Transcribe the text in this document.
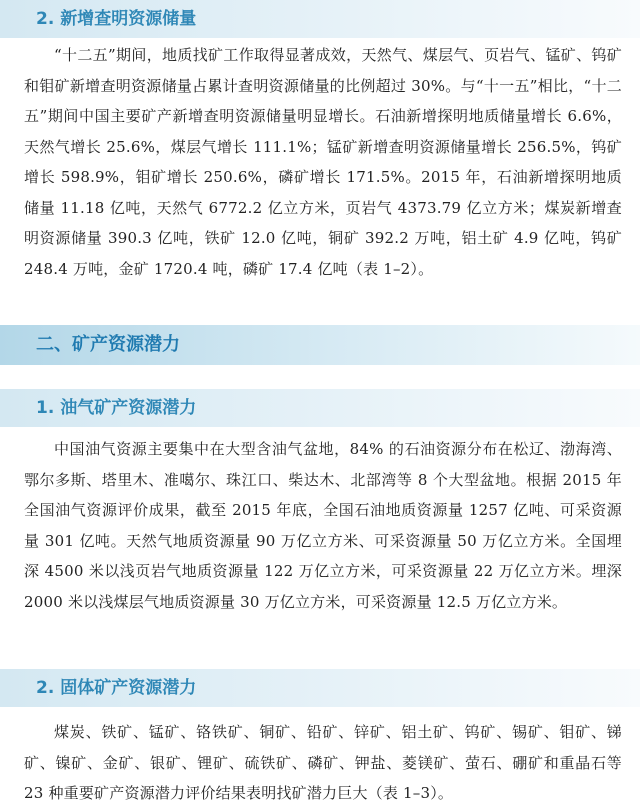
2. 新增查明资源储量

“十二五”期间，地质找矿工作取得显著成效，天然气、煤层气、页岩气、锰矿、钨矿和钼矿新增查明资源储量占累计查明资源储量的比例超过 30%。与“十一五”相比，“十二五”期间中国主要矿产新增查明资源储量明显增长。石油新增探明地质储量增长 6.6%，天然气增长 25.6%，煤层气增长 111.1%；锰矿新增查明资源储量增长 256.5%，钨矿增长 598.9%，钼矿增长 250.6%，磷矿增长 171.5%。2015 年，石油新增探明地质储量 11.18 亿吨，天然气 6772.2 亿立方米，页岩气 4373.79 亿立方米；煤炭新增查明资源储量 390.3 亿吨，铁矿 12.0 亿吨，铜矿 392.2 万吨，铝土矿 4.9 亿吨，钨矿 248.4 万吨，金矿 1720.4 吨，磷矿 17.4 亿吨（表 1–2）。

二、矿产资源潜力
1. 油气矿产资源潜力

中国油气资源主要集中在大型含油气盆地，84% 的石油资源分布在松辽、渤海湾、鄂尔多斯、塔里木、准噶尔、珠江口、柴达木、北部湾等 8 个大型盆地。根据 2015 年全国油气资源评价成果，截至 2015 年底，全国石油地质资源量 1257 亿吨、可采资源量 301 亿吨。天然气地质资源量 90 万亿立方米、可采资源量 50 万亿立方米。全国埋深 4500 米以浅页岩气地质资源量 122 万亿立方米，可采资源量 22 万亿立方米。埋深 2000 米以浅煤层气地质资源量 30 万亿立方米，可采资源量 12.5 万亿立方米。

2. 固体矿产资源潜力

煤炭、铁矿、锰矿、铬铁矿、铜矿、铅矿、锌矿、铝土矿、钨矿、锡矿、钼矿、锑矿、镍矿、金矿、银矿、锂矿、硫铁矿、磷矿、钾盐、菱镁矿、萤石、硼矿和重晶石等 23 种重要矿产资源潜力评价结果表明找矿潜力巨大（表 1–3）。
